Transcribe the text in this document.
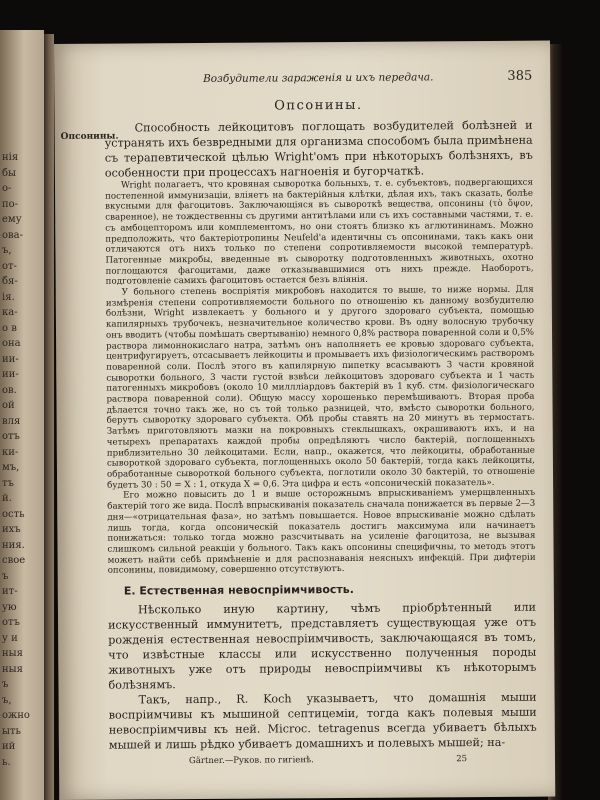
нія
бы
о-
по-
ему
ова-
ъ,
от-
бя-
ія.
ка-
о в
она
ии-
ии-
ов.
ой
вля
отъ
ки-
мъ,
тъ
й.
ость
ихъ
ния.
свое
ъ
ит-
ую
отъ
у и
ныя
ныя
ъ
ъ,
ожно
ыть
ий
ь.
Возбудители зараженія и ихъ передача.	385
Опсонины.
Опсонины.

Способность лейкоцитовъ поглощать возбудителей болѣзней и устранять ихъ безвредными для организма способомъ была примѣнена съ терапевтической цѣлью Wright'омъ при нѣкоторыхъ болѣзняхъ, въ особенности при процессахъ нагноенія и бугорчаткѣ.

Wright полагаетъ, что кровяная сыворотка больныхъ, т. е. субъектовъ, подвергающихся постепенной иммунизаціи, вліяетъ на бактерійныя клѣтки, дѣлая ихъ, такъ сказать, болѣе вкусными для фагоцитовъ. Заключающіяся въ сывороткѣ вещества, опсонины (τὸ ὄψον, сваренное), не тождественны съ другими антитѣлами или съ ихъ составными частями, т. е. съ амбоцепторомъ или комплементомъ, но они стоятъ близко къ аглютининамъ. Можно предположить, что бактеріотропины Neufeld'а идентичны съ опсонинами, такъ какъ они отличаются отъ нихъ только по степени сопротивляемости высокой температурѣ. Патогенные микробы, введенные въ сыворотку подготовленныхъ животныхъ, охотно поглощаются фагоцитами, даже отказывавшимися отъ нихъ прежде. Наоборотъ, подготовленіе самихъ фагоцитовъ остается безъ вліянія.

У больного степень воспріятія микробовъ находится то выше, то ниже нормы. Для измѣренія степени сопротивляемости больного по отношенію къ данному возбудителю болѣзни, Wright извлекаетъ у больного и у другого здороваго субъекта, помощью капилярныхъ трубочекъ, незначительное количество крови. Въ одну волосную трубочку онъ вводитъ (чтобы помѣшать свертыванію) немного 0,8% раствора поваренной соли и 0,5% раствора лимоннокислаго натра, затѣмъ онъ наполняетъ ее кровью здороваго субъекта, центрифугируетъ, отсасываетъ лейкоциты и промываетъ ихъ физіологическимъ растворомъ поваренной соли. Послѣ этого въ капилярную пипетку всасываютъ 3 части кровяной сыворотки больного, 3 части густой взвѣси лейкоцитовъ здороваго субъекта и 1 часть патогенныхъ микробовъ (около 10 миллліардовъ бактерій въ 1 куб. стм. физіологическаго раствора поваренной соли). Общую массу хорошенько перемѣшиваютъ. Вторая проба дѣлается точно такъ же, но съ той только разницей, что, вмѣсто сыворотки больного, берутъ сыворотку здороваго субъекта. Обѣ пробы ставятъ на 20 минутъ въ термостатъ. Затѣмъ приготовляютъ мазки на покровныхъ стеклышкахъ, окрашиваютъ ихъ, и на четырехъ препаратахъ каждой пробы опредѣляютъ число бактерій, поглощенныхъ приблизительно 30 лейкоцитами. Если, напр., окажется, что лейкоциты, обработанные сывороткой здороваго субъекта, поглощенныхъ около 50 бактерій, тогда какъ лейкоциты, обработанные сывороткой больного субъекта, поглотили около 30 бактерій, то отношеніе будетъ 30 : 50 = X : 1, откуда X = 0,6. Эта цифра и есть «опсоническій показатель».

Его можно повысить до 1 и выше осторожнымъ впрыскиваніемъ умерщвленныхъ бактерій того же вида. Послѣ впрыскиванія показатель сначала понижается въ первые 2—3 дня—«отрицательная фаза», но затѣмъ повышается. Новое впрыскиваніе можно сдѣлать лишь тогда, когда опсоническій показатель достигъ максимума или начинаетъ понижаться: только тогда можно разсчитывать на усиленіе фагоцитоза, не вызывая слишкомъ сильной реакціи у больного. Такъ какъ опсонины специфичны, то методъ этотъ можетъ найти себѣ примѣненіе и для распознаванія неясныхъ инфекцій. При дифтеріи опсонины, повидимому, совершенно отсутствуютъ.

Е. Естественная невоспріимчивость.

Нѣсколько иную картину, чѣмъ пріобрѣтенный или искусственный иммунитетъ, представляетъ существующая уже отъ рожденія естественная невоспріимчивость, заключающаяся въ томъ, что извѣстные классы или искусственно полученныя породы животныхъ уже отъ природы невоспріимчивы къ нѣкоторымъ болѣзнямъ.

Такъ, напр., R. Koch указываетъ, что домашнія мыши воспріимчивы къ мышиной септицеміи, тогда какъ полевыя мыши невоспріимчивы къ ней. Microc. tetragenus всегда убиваетъ бѣлыхъ мышей и лишь рѣдко убиваетъ домашнихъ и полевыхъ мышей; на-

Gärtner.—Руков. по гигіенѣ.	25
